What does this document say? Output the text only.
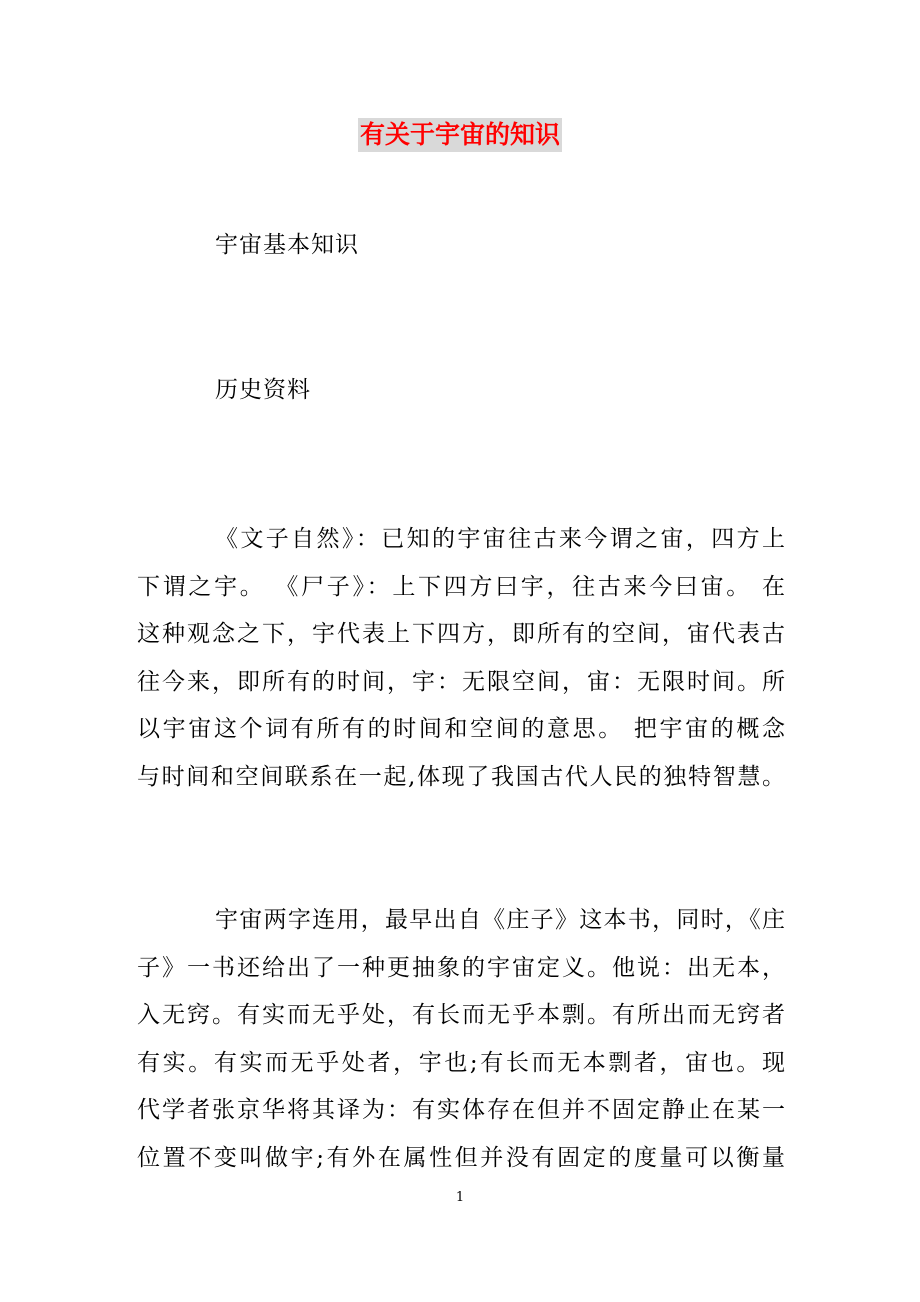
有关于宇宙的知识
宇宙基本知识
历史资料
《文子自然》：已知的宇宙往古来今谓之宙，四方上
下谓之宇。 《尸子》：上下四方曰宇，往古来今曰宙。 在
这种观念之下，宇代表上下四方，即所有的空间，宙代表古
往今来，即所有的时间，宇：无限空间，宙：无限时间。所
以宇宙这个词有所有的时间和空间的意思。 把宇宙的概念
与时间和空间联系在一起,体现了我国古代人民的独特智慧。
宇宙两字连用，最早出自《庄子》这本书，同时，《庄
子》一书还给出了一种更抽象的宇宙定义。他说：出无本，
入无窍。有实而无乎处，有长而无乎本剽。有所出而无窍者
有实。有实而无乎处者，宇也;有长而无本剽者，宙也。现
代学者张京华将其译为：有实体存在但并不固定静止在某一
位置不变叫做宇;有外在属性但并没有固定的度量可以衡量
1
